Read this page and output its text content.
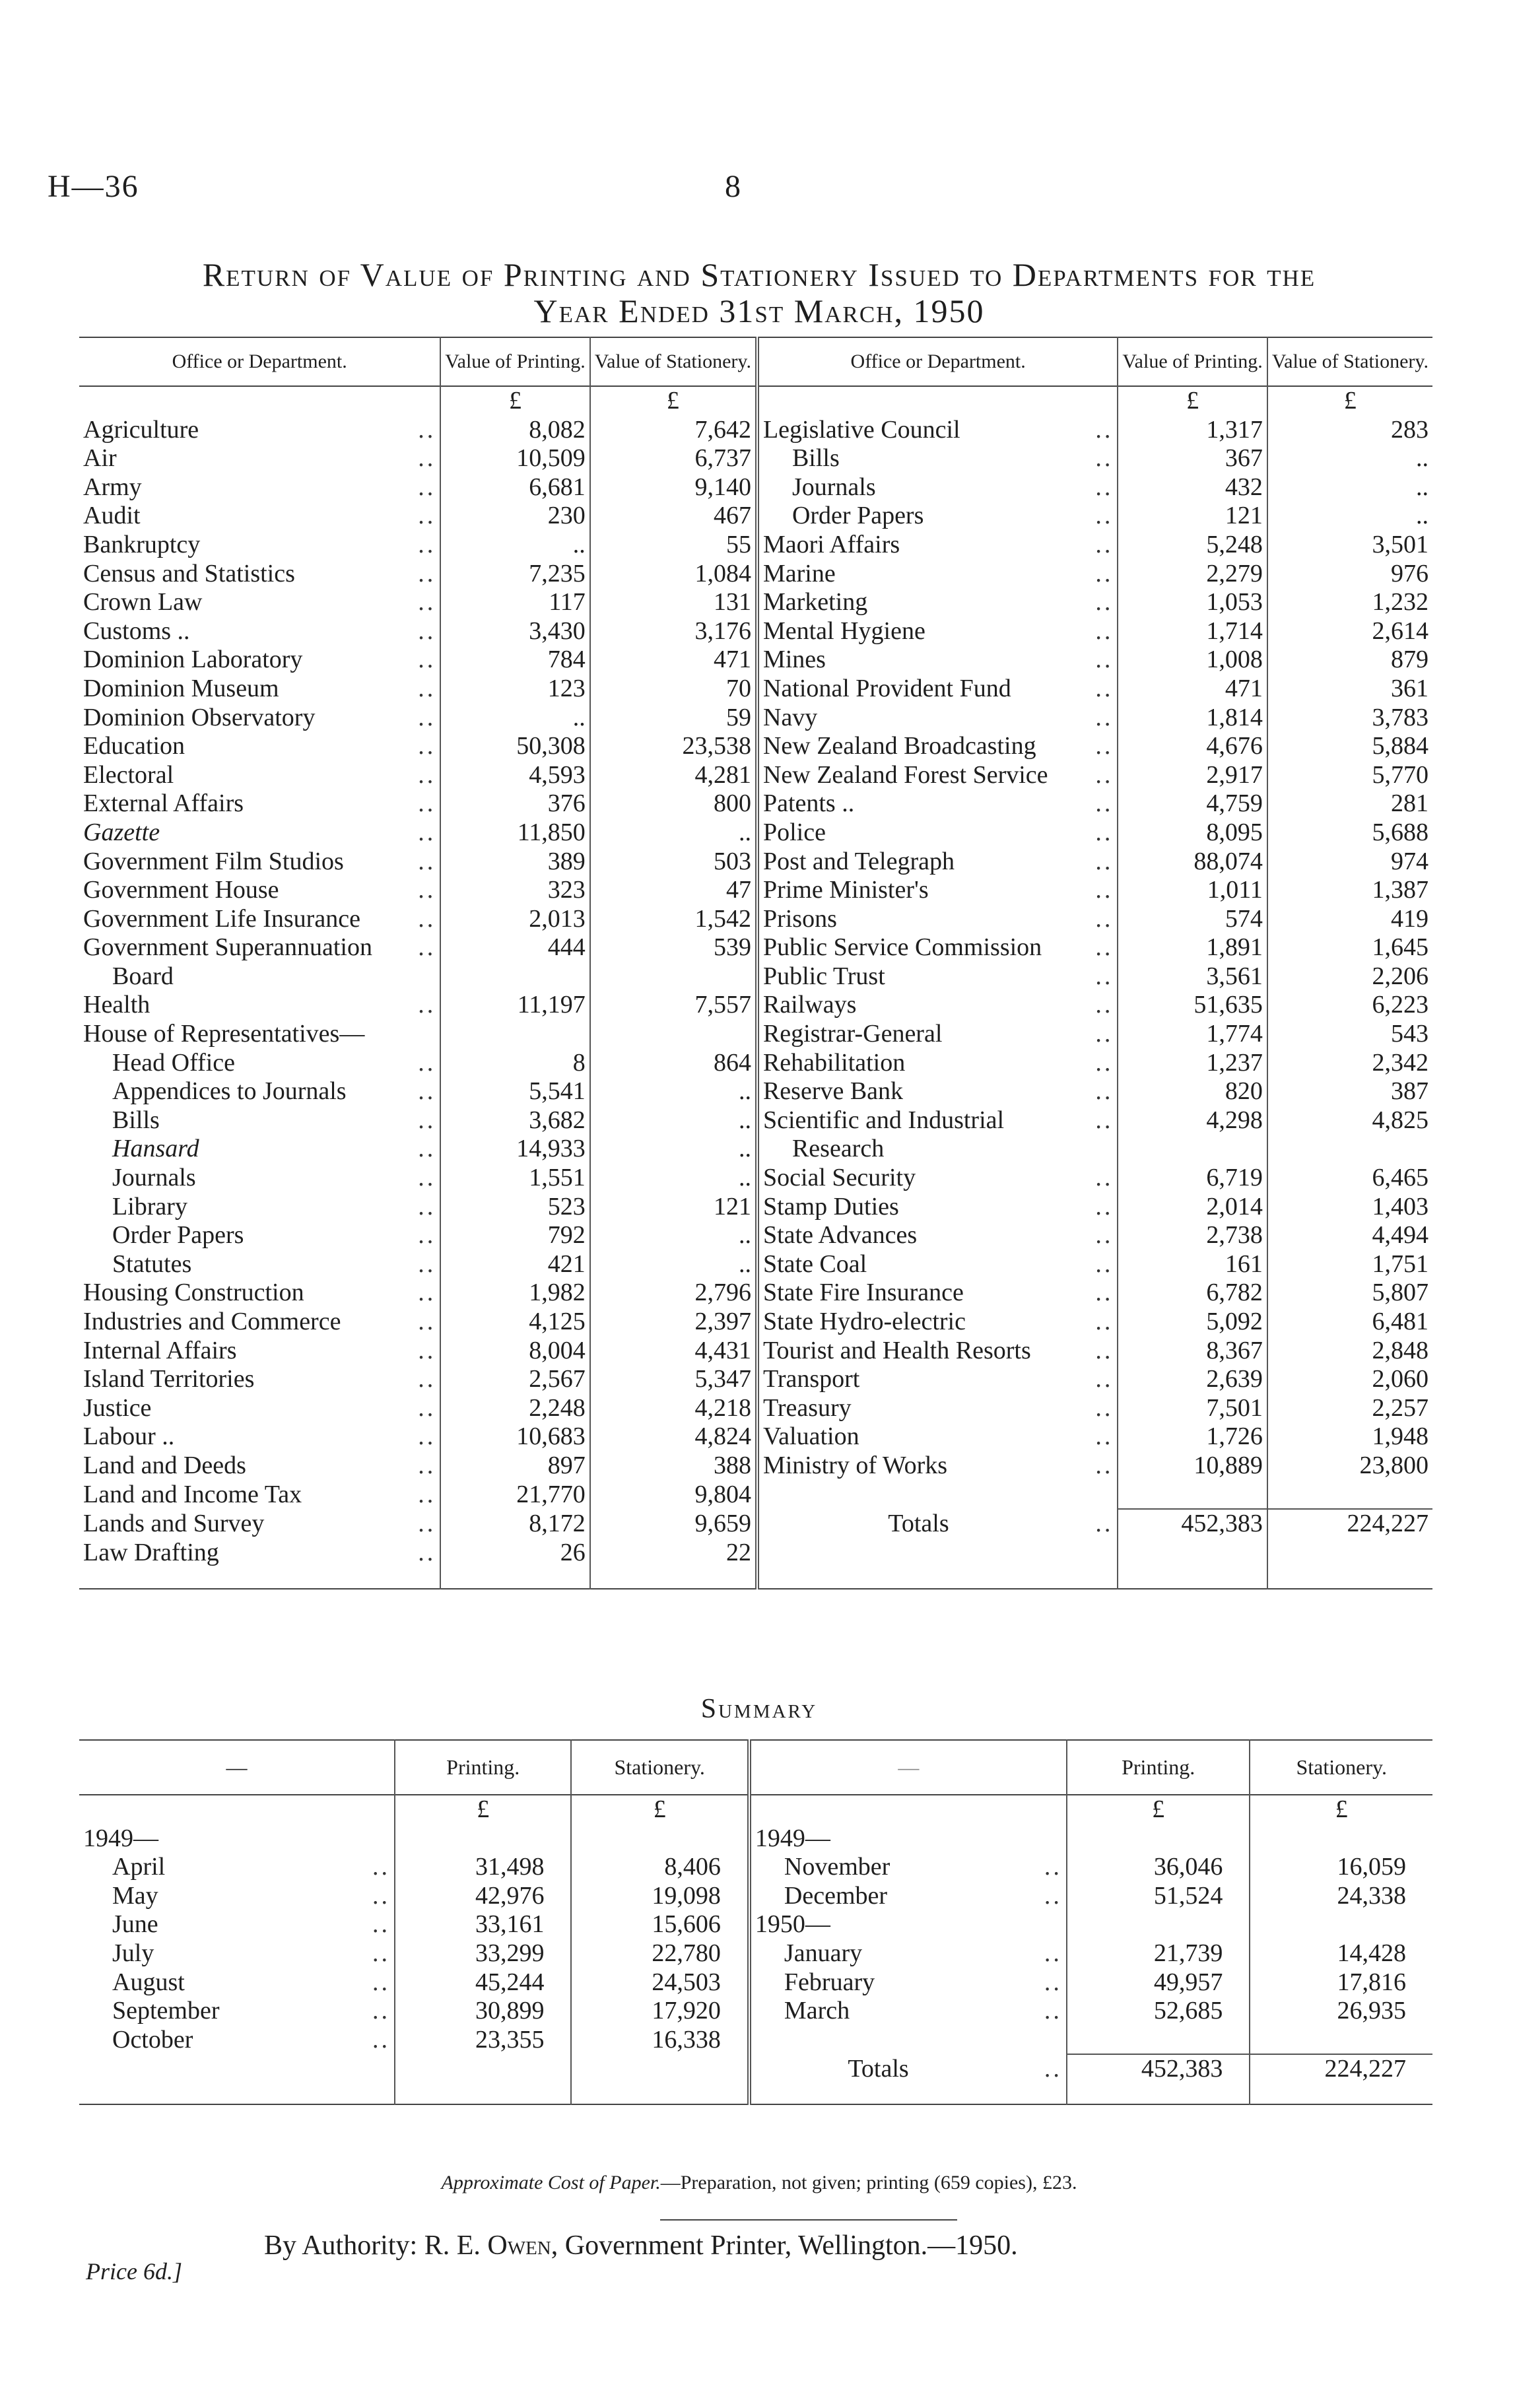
H—36	8
Return of Value of Printing and Stationery Issued to Departments for the
Year Ended 31st March, 1950
Office or Department.		Value of Printing.	Value of Stationery.	Office or Department.		Value of Printing.	Value of Stationery.
		£	£			£	£
Agriculture	..	8,082	7,642	Legislative Council	..	1,317	283
Air	..	10,509	6,737	Bills	..	367	..
Army	..	6,681	9,140	Journals	..	432	..
Audit	..	230	467	Order Papers	..	121	..
Bankruptcy	..	..	55	Maori Affairs	..	5,248	3,501
Census and Statistics	..	7,235	1,084	Marine	..	2,279	976
Crown Law	..	117	131	Marketing	..	1,053	1,232
Customs ..	..	3,430	3,176	Mental Hygiene	..	1,714	2,614
Dominion Laboratory	..	784	471	Mines	..	1,008	879
Dominion Museum	..	123	70	National Provident Fund	..	471	361
Dominion Observatory	..	..	59	Navy	..	1,814	3,783
Education	..	50,308	23,538	New Zealand Broadcasting	..	4,676	5,884
Electoral	..	4,593	4,281	New Zealand Forest Service	..	2,917	5,770
External Affairs	..	376	800	Patents ..	..	4,759	281
Gazette	..	11,850	..	Police	..	8,095	5,688
Government Film Studios	..	389	503	Post and Telegraph	..	88,074	974
Government House	..	323	47	Prime Minister's	..	1,011	1,387
Government Life Insurance	..	2,013	1,542	Prisons	..	574	419
Government Superannuation	..	444	539	Public Service Commission	..	1,891	1,645
Board				Public Trust	..	3,561	2,206
Health	..	11,197	7,557	Railways	..	51,635	6,223
House of Representatives—				Registrar-General	..	1,774	543
Head Office	..	8	864	Rehabilitation	..	1,237	2,342
Appendices to Journals	..	5,541	..	Reserve Bank	..	820	387
Bills	..	3,682	..	Scientific and Industrial	..	4,298	4,825
Hansard	..	14,933	..	Research			
Journals	..	1,551	..	Social Security	..	6,719	6,465
Library	..	523	121	Stamp Duties	..	2,014	1,403
Order Papers	..	792	..	State Advances	..	2,738	4,494
Statutes	..	421	..	State Coal	..	161	1,751
Housing Construction	..	1,982	2,796	State Fire Insurance	..	6,782	5,807
Industries and Commerce	..	4,125	2,397	State Hydro-electric	..	5,092	6,481
Internal Affairs	..	8,004	4,431	Tourist and Health Resorts	..	8,367	2,848
Island Territories	..	2,567	5,347	Transport	..	2,639	2,060
Justice	..	2,248	4,218	Treasury	..	7,501	2,257
Labour ..	..	10,683	4,824	Valuation	..	1,726	1,948
Land and Deeds	..	897	388	Ministry of Works	..	10,889	23,800
Land and Income Tax	..	21,770	9,804				
Lands and Survey	..	8,172	9,659	Totals	..	452,383	224,227
Law Drafting	..	26	22				
Summary
—		Printing.	Stationery.	—		Printing.	Stationery.
		£	£			£	£
1949—				1949—			
April	..	31,498	8,406	November	..	36,046	16,059
May	..	42,976	19,098	December	..	51,524	24,338
June	..	33,161	15,606	1950—			
July	..	33,299	22,780	January	..	21,739	14,428
August	..	45,244	24,503	February	..	49,957	17,816
September	..	30,899	17,920	March	..	52,685	26,935
October	..	23,355	16,338				
				Totals	..	452,383	224,227
Approximate Cost of Paper.—Preparation, not given; printing (659 copies), £23.
By Authority: R. E. Owen, Government Printer, Wellington.—1950.
Price 6d.]
